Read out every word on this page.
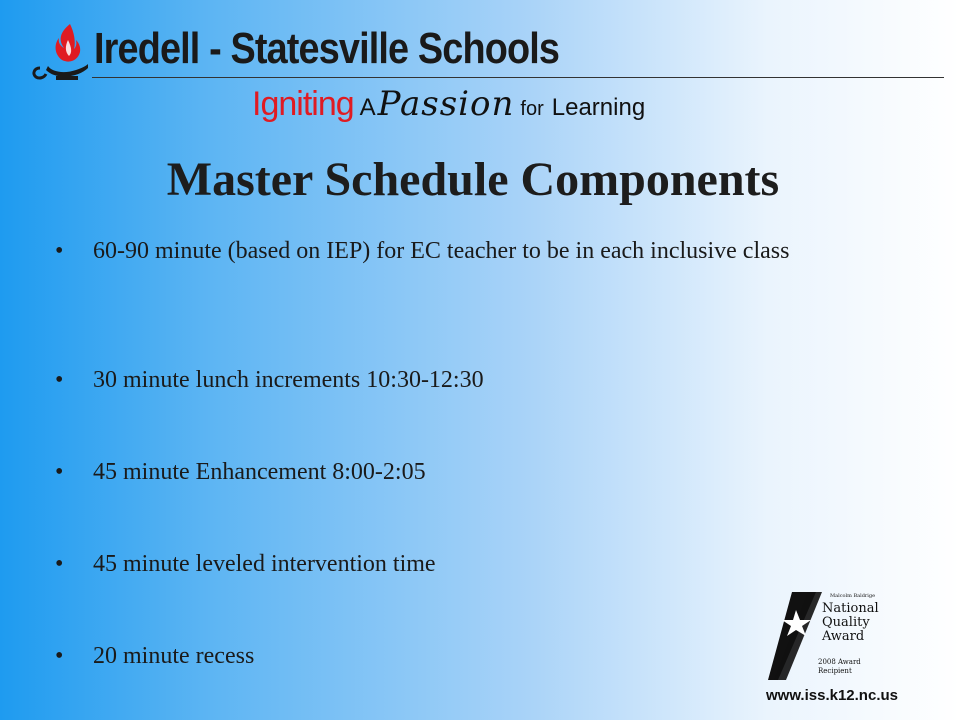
Iredell - Statesville Schools
Igniting APassion for Learning
Master Schedule Components
•	60-90 minute (based on IEP) for EC teacher to be in each inclusive class
•	30 minute lunch increments 10:30-12:30
•	45 minute Enhancement 8:00-2:05
•	45 minute leveled intervention time
•	20 minute recess
Malcolm Baldrige
National
Quality
Award
2008 Award
Recipient
www.iss.k12.nc.us
